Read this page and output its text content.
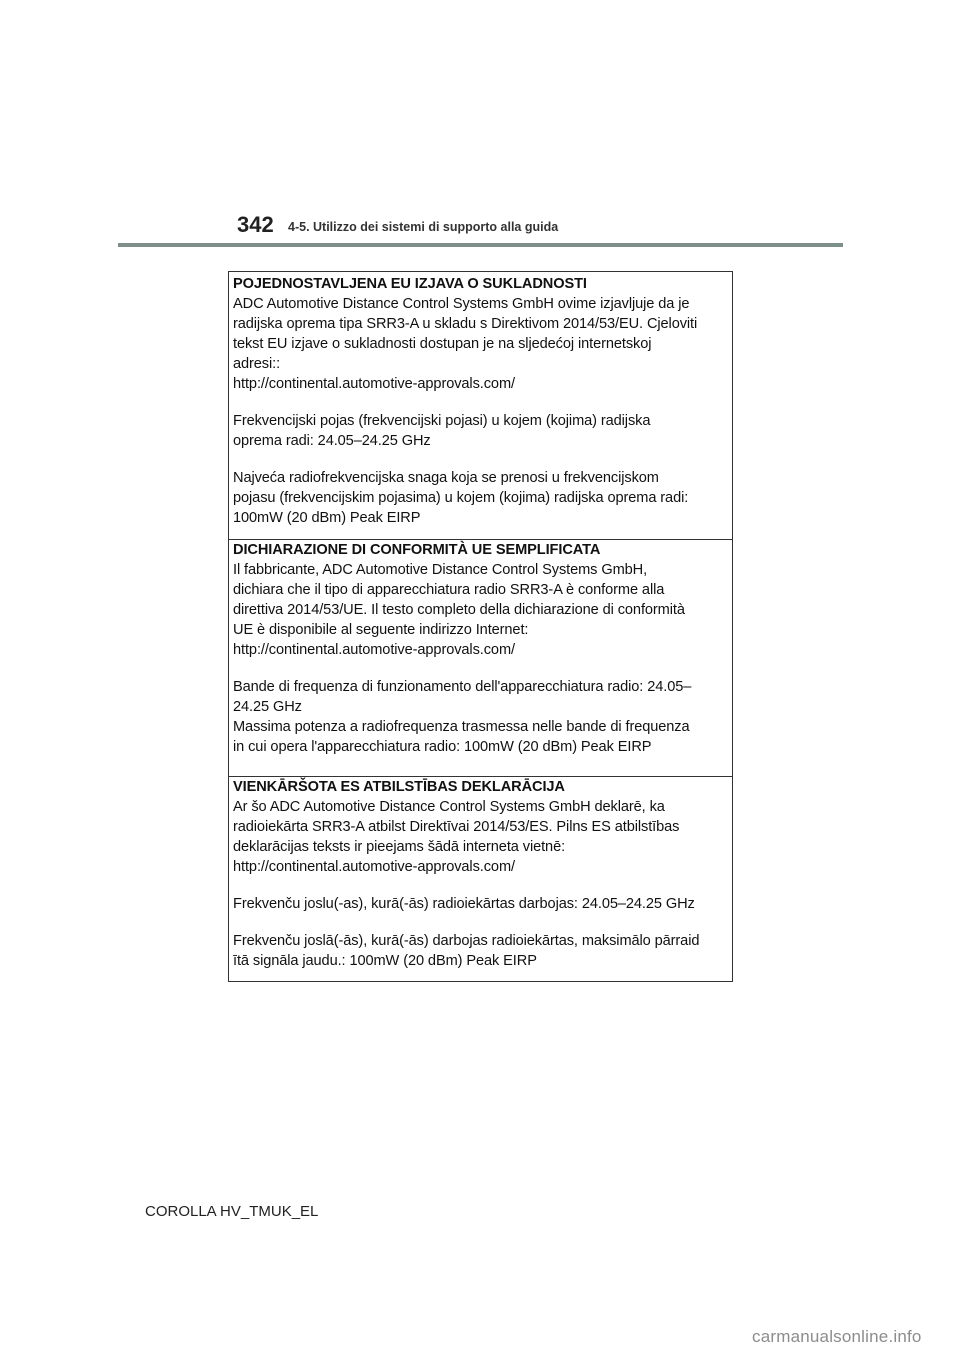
342 4-5. Utilizzo dei sistemi di supporto alla guida

POJEDNOSTAVLJENA EU IZJAVA O SUKLADNOSTI

ADC Automotive Distance Control Systems GmbH ovime izjavljuje da je
radijska oprema tipa SRR3-A u skladu s Direktivom 2014/53/EU. Cjeloviti
tekst EU izjave o sukladnosti dostupan je na sljedećoj internetskoj
adresi::
http://continental.automotive-approvals.com/

Frekvencijski pojas (frekvencijski pojasi) u kojem (kojima) radijska
oprema radi: 24.05–24.25 GHz

Najveća radiofrekvencijska snaga koja se prenosi u frekvencijskom
pojasu (frekvencijskim pojasima) u kojem (kojima) radijska oprema radi:
100mW (20 dBm) Peak EIRP

DICHIARAZIONE DI CONFORMITÀ UE SEMPLIFICATA

Il fabbricante, ADC Automotive Distance Control Systems GmbH,
dichiara che il tipo di apparecchiatura radio SRR3-A è conforme alla
direttiva 2014/53/UE. Il testo completo della dichiarazione di conformità
UE è disponibile al seguente indirizzo Internet:
http://continental.automotive-approvals.com/

Bande di frequenza di funzionamento dell'apparecchiatura radio: 24.05–
24.25 GHz
Massima potenza a radiofrequenza trasmessa nelle bande di frequenza
in cui opera l'apparecchiatura radio: 100mW (20 dBm) Peak EIRP

VIENKĀRŠOTA ES ATBILSTĪBAS DEKLARĀCIJA

Ar šo ADC Automotive Distance Control Systems GmbH deklarē, ka
radioiekārta SRR3-A atbilst Direktīvai 2014/53/ES. Pilns ES atbilstības
deklarācijas teksts ir pieejams šādā interneta vietnē:
http://continental.automotive-approvals.com/

Frekvenču joslu(-as), kurā(-ās) radioiekārtas darbojas: 24.05–24.25 GHz

Frekvenču joslā(-ās), kurā(-ās) darbojas radioiekārtas, maksimālo pārraid
ītā signāla jaudu.: 100mW (20 dBm) Peak EIRP

COROLLA HV_TMUK_EL
carmanualsonline.info
